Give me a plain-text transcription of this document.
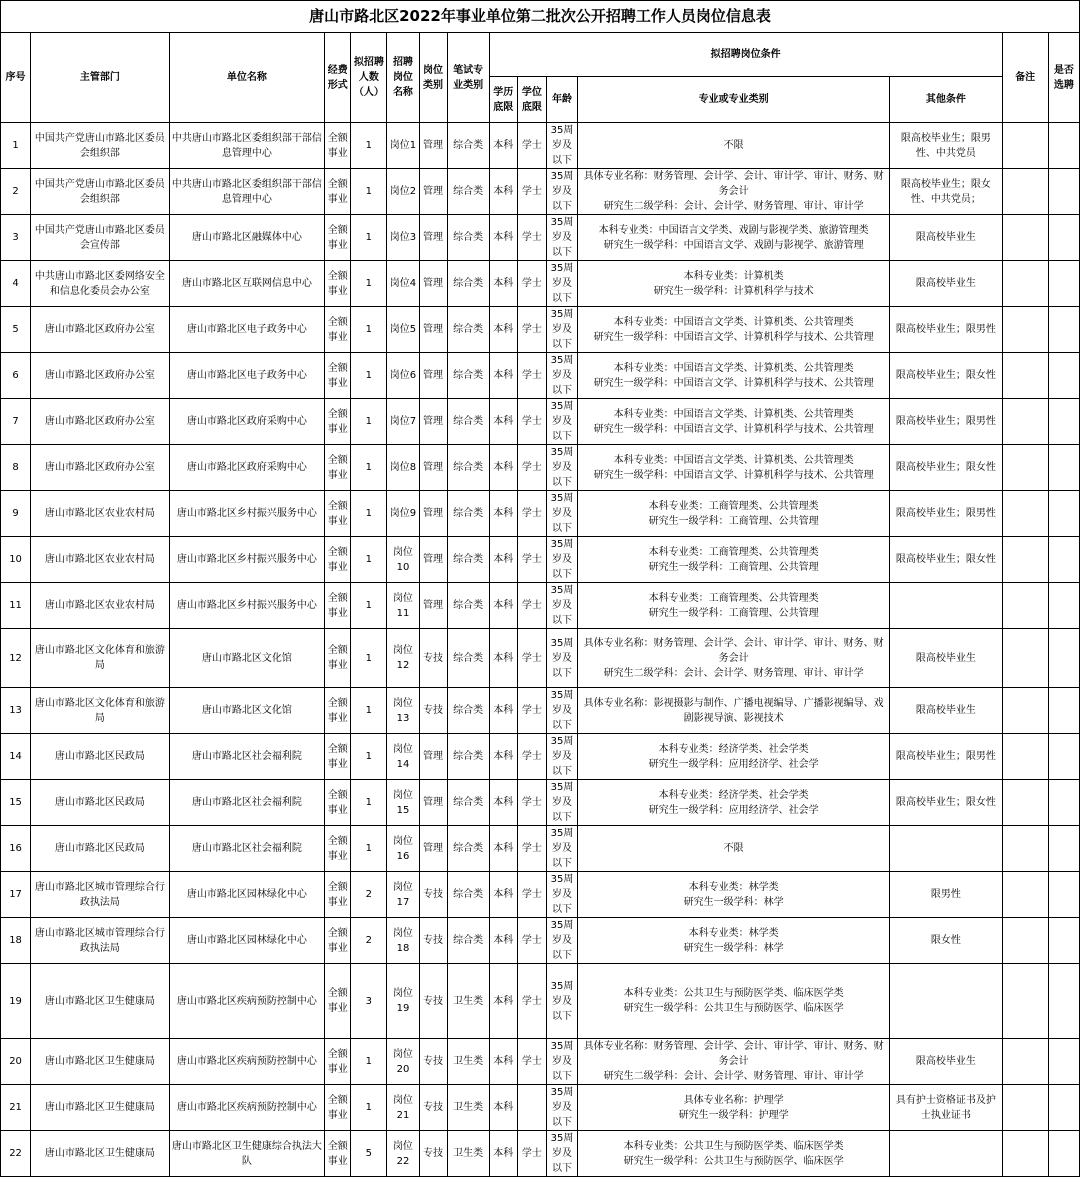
唐山市路北区2022年事业单位第二批次公开招聘工作人员岗位信息表														
序号	主管部门	单位名称	经费形式	拟招聘人数（人）	招聘岗位名称	岗位类别	笔试专业类别	拟招聘岗位条件					备注	是否选聘
								学历底限	学位底限	年龄	专业或专业类别	其他条件		
1	中国共产党唐山市路北区委员会组织部	中共唐山市路北区委组织部干部信息管理中心	全额事业	1	岗位1	管理	综合类	本科	学士	35周岁及以下	不限	限高校毕业生；限男性、中共党员		
2	中国共产党唐山市路北区委员会组织部	中共唐山市路北区委组织部干部信息管理中心	全额事业	1	岗位2	管理	综合类	本科	学士	35周岁及以下	具体专业名称：财务管理、会计学、会计、审计学、审计、财务、财务会计
研究生二级学科：会计、会计学、财务管理、审计、审计学	限高校毕业生；限女性、中共党员；		
3	中国共产党唐山市路北区委员会宣传部	唐山市路北区融媒体中心	全额事业	1	岗位3	管理	综合类	本科	学士	35周岁及以下	本科专业类：中国语言文学类、戏剧与影视学类、旅游管理类
研究生一级学科：中国语言文学、戏剧与影视学、旅游管理	限高校毕业生		
4	中共唐山市路北区委网络安全和信息化委员会办公室	唐山市路北区互联网信息中心	全额事业	1	岗位4	管理	综合类	本科	学士	35周岁及以下	本科专业类：计算机类
研究生一级学科：计算机科学与技术	限高校毕业生		
5	唐山市路北区政府办公室	唐山市路北区电子政务中心	全额事业	1	岗位5	管理	综合类	本科	学士	35周岁及以下	本科专业类：中国语言文学类、计算机类、公共管理类
研究生一级学科：中国语言文学、计算机科学与技术、公共管理	限高校毕业生；限男性		
6	唐山市路北区政府办公室	唐山市路北区电子政务中心	全额事业	1	岗位6	管理	综合类	本科	学士	35周岁及以下	本科专业类：中国语言文学类、计算机类、公共管理类
研究生一级学科：中国语言文学、计算机科学与技术、公共管理	限高校毕业生；限女性		
7	唐山市路北区政府办公室	唐山市路北区政府采购中心	全额事业	1	岗位7	管理	综合类	本科	学士	35周岁及以下	本科专业类：中国语言文学类、计算机类、公共管理类
研究生一级学科：中国语言文学、计算机科学与技术、公共管理	限高校毕业生；限男性		
8	唐山市路北区政府办公室	唐山市路北区政府采购中心	全额事业	1	岗位8	管理	综合类	本科	学士	35周岁及以下	本科专业类：中国语言文学类、计算机类、公共管理类
研究生一级学科：中国语言文学、计算机科学与技术、公共管理	限高校毕业生；限女性		
9	唐山市路北区农业农村局	唐山市路北区乡村振兴服务中心	全额事业	1	岗位9	管理	综合类	本科	学士	35周岁及以下	本科专业类：工商管理类、公共管理类
研究生一级学科：工商管理、公共管理	限高校毕业生；限男性		
10	唐山市路北区农业农村局	唐山市路北区乡村振兴服务中心	全额事业	1	岗位10	管理	综合类	本科	学士	35周岁及以下	本科专业类：工商管理类、公共管理类
研究生一级学科：工商管理、公共管理	限高校毕业生；限女性		
11	唐山市路北区农业农村局	唐山市路北区乡村振兴服务中心	全额事业	1	岗位11	管理	综合类	本科	学士	35周岁及以下	本科专业类：工商管理类、公共管理类
研究生一级学科：工商管理、公共管理			
12	唐山市路北区文化体育和旅游局	唐山市路北区文化馆	全额事业	1	岗位12	专技	综合类	本科	学士	35周岁及以下	具体专业名称：财务管理、会计学、会计、审计学、审计、财务、财务会计
研究生二级学科：会计、会计学、财务管理、审计、审计学	限高校毕业生		
13	唐山市路北区文化体育和旅游局	唐山市路北区文化馆	全额事业	1	岗位13	专技	综合类	本科	学士	35周岁及以下	具体专业名称：影视摄影与制作、广播电视编导、广播影视编导、戏剧影视导演、影视技术	限高校毕业生		
14	唐山市路北区民政局	唐山市路北区社会福利院	全额事业	1	岗位14	管理	综合类	本科	学士	35周岁及以下	本科专业类：经济学类、社会学类
研究生一级学科：应用经济学、社会学	限高校毕业生；限男性		
15	唐山市路北区民政局	唐山市路北区社会福利院	全额事业	1	岗位15	管理	综合类	本科	学士	35周岁及以下	本科专业类：经济学类、社会学类
研究生一级学科：应用经济学、社会学	限高校毕业生；限女性		
16	唐山市路北区民政局	唐山市路北区社会福利院	全额事业	1	岗位16	管理	综合类	本科	学士	35周岁及以下	不限			
17	唐山市路北区城市管理综合行政执法局	唐山市路北区园林绿化中心	全额事业	2	岗位17	专技	综合类	本科	学士	35周岁及以下	本科专业类：林学类
研究生一级学科：林学	限男性		
18	唐山市路北区城市管理综合行政执法局	唐山市路北区园林绿化中心	全额事业	2	岗位18	专技	综合类	本科	学士	35周岁及以下	本科专业类：林学类
研究生一级学科：林学	限女性		
19	唐山市路北区卫生健康局	唐山市路北区疾病预防控制中心	全额事业	3	岗位19	专技	卫生类	本科	学士	35周岁及以下	本科专业类：公共卫生与预防医学类、临床医学类
研究生一级学科：公共卫生与预防医学、临床医学			
20	唐山市路北区卫生健康局	唐山市路北区疾病预防控制中心	全额事业	1	岗位20	专技	卫生类	本科	学士	35周岁及以下	具体专业名称：财务管理、会计学、会计、审计学、审计、财务、财务会计
研究生二级学科：会计、会计学、财务管理、审计、审计学	限高校毕业生		
21	唐山市路北区卫生健康局	唐山市路北区疾病预防控制中心	全额事业	1	岗位21	专技	卫生类	本科		35周岁及以下	具体专业名称：护理学
研究生一级学科：护理学	具有护士资格证书及护士执业证书		
22	唐山市路北区卫生健康局	唐山市路北区卫生健康综合执法大队	全额事业	5	岗位22	专技	卫生类	本科	学士	35周岁及以下	本科专业类：公共卫生与预防医学类、临床医学类
研究生一级学科：公共卫生与预防医学、临床医学			
